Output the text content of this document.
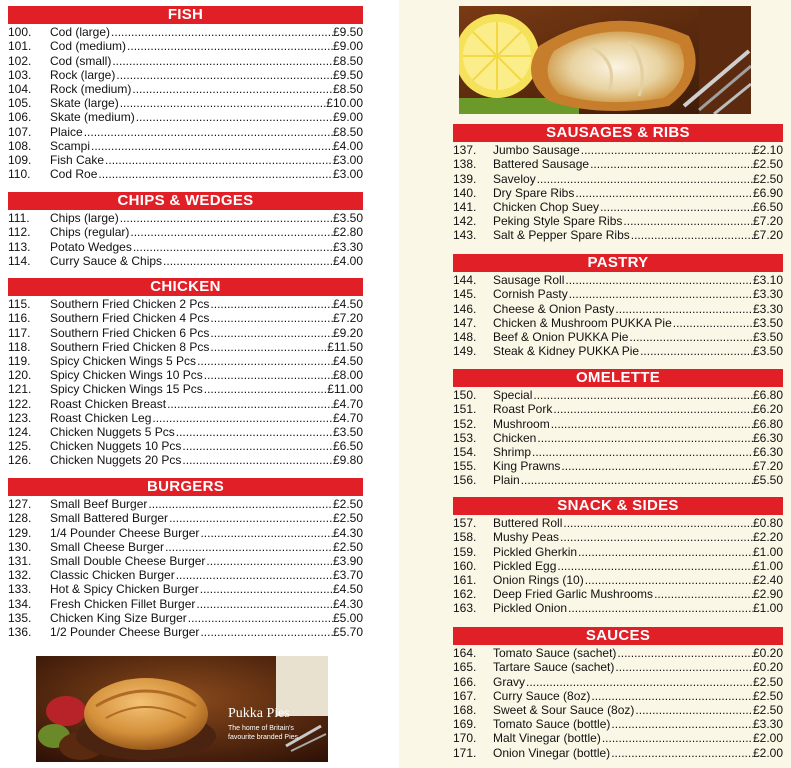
FISH
100.	Cod (large) .....	£9.50
101.	Cod (medium) .....	£9.00
102.	Cod (small) .....	£8.50
103.	Rock (large) .....	£9.50
104.	Rock (medium) .....	£8.50
105.	Skate (large) .....	£10.00
106.	Skate (medium) .....	£9.00
107.	Plaice .....	£8.50
108.	Scampi .....	£4.00
109.	Fish Cake .....	£3.00
110.	Cod Roe .....	£3.00
CHIPS & WEDGES
111.	Chips (large) .....	£3.50
112.	Chips (regular) .....	£2.80
113.	Potato Wedges .....	£3.30
114.	Curry Sauce & Chips .....	£4.00
CHICKEN
115.	Southern Fried Chicken 2 Pcs .....	£4.50
116.	Southern Fried Chicken 4 Pcs .....	£7.20
117.	Southern Fried Chicken 6 Pcs .....	£9.20
118.	Southern Fried Chicken 8 Pcs .....	£11.50
119.	Spicy Chicken Wings 5 Pcs .....	£4.50
120.	Spicy Chicken Wings 10 Pcs .....	£8.00
121.	Spicy Chicken Wings 15 Pcs .....	£11.00
122.	Roast Chicken Breast .....	£4.70
123.	Roast Chicken Leg .....	£4.70
124.	Chicken Nuggets 5 Pcs .....	£3.50
125.	Chicken Nuggets 10 Pcs .....	£6.50
126.	Chicken Nuggets 20 Pcs .....	£9.80
BURGERS
127.	Small Beef Burger .....	£2.50
128.	Small Battered Burger .....	£2.50
129.	1/4 Pounder Cheese Burger .....	£4.30
130.	Small Cheese Burger .....	£2.50
131.	Small Double Cheese Burger .....	£3.90
132.	Classic Chicken Burger .....	£3.70
133.	Hot & Spicy Chicken Burger .....	£4.50
134.	Fresh Chicken Fillet Burger .....	£4.30
135.	Chicken King Size Burger .....	£5.00
136.	1/2 Pounder Cheese Burger .....	£5.70
Pukka Pies
The home of Britain's favourite branded Pies
SAUSAGES & RIBS
137.	Jumbo Sausage .....	£2.10
138.	Battered Sausage .....	£2.50
139.	Saveloy .....	£2.50
140.	Dry Spare Ribs .....	£6.90
141.	Chicken Chop Suey .....	£6.50
142.	Peking Style Spare Ribs .....	£7.20
143.	Salt & Pepper Spare Ribs .....	£7.20
PASTRY
144.	Sausage Roll .....	£3.10
145.	Cornish Pasty .....	£3.30
146.	Cheese & Onion Pasty .....	£3.30
147.	Chicken & Mushroom PUKKA Pie .....	£3.50
148.	Beef & Onion PUKKA Pie .....	£3.50
149.	Steak & Kidney PUKKA Pie .....	£3.50
OMELETTE
150.	Special .....	£6.80
151.	Roast Pork .....	£6.20
152.	Mushroom .....	£6.80
153.	Chicken .....	£6.30
154.	Shrimp .....	£6.30
155.	King Prawns .....	£7.20
156.	Plain .....	£5.50
SNACK & SIDES
157.	Buttered Roll .....	£0.80
158.	Mushy Peas .....	£2.20
159.	Pickled Gherkin .....	£1.00
160.	Pickled Egg .....	£1.00
161.	Onion Rings (10) .....	£2.40
162.	Deep Fried Garlic Mushrooms .....	£2.90
163.	Pickled Onion .....	£1.00
SAUCES
164.	Tomato Sauce (sachet) .....	£0.20
165.	Tartare Sauce (sachet) .....	£0.20
166.	Gravy .....	£2.50
167.	Curry Sauce (8oz) .....	£2.50
168.	Sweet & Sour Sauce (8oz) .....	£2.50
169.	Tomato Sauce (bottle) .....	£3.30
170.	Malt Vinegar (bottle) .....	£2.00
171.	Onion Vinegar (bottle) .....	£2.00
